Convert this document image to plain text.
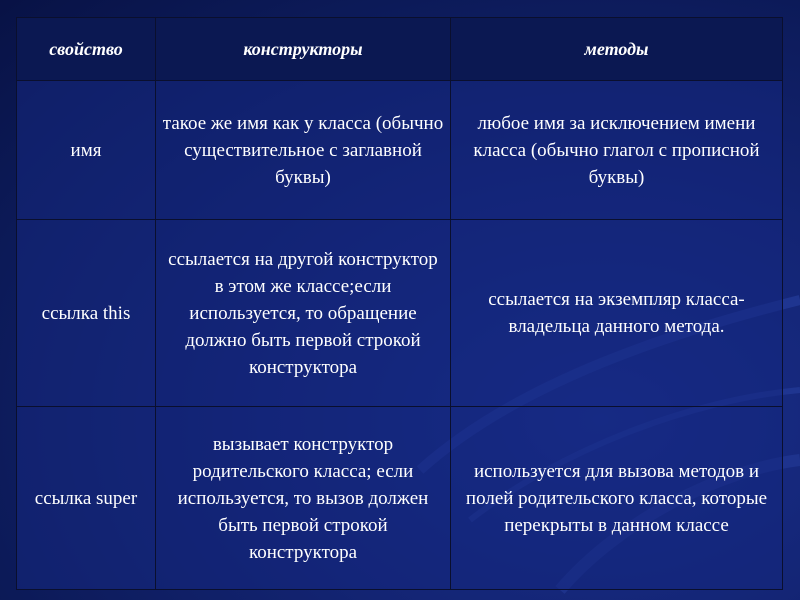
свойство	конструкторы	методы
имя	такое же имя как у класса (обычно существительное с заглавной буквы)	любое имя за исключением имени класса (обычно глагол с прописной буквы)
ссылка this	ссылается на другой конструктор в этом же классе;если используется, то обращение должно быть первой строкой конструктора	ссылается на экземпляр класса-владельца данного метода.
ссылка super	вызывает конструктор родительского класса; если используется, то вызов должен быть первой строкой конструктора	используется для вызова методов и полей родительского класса, которые перекрыты в данном классе
